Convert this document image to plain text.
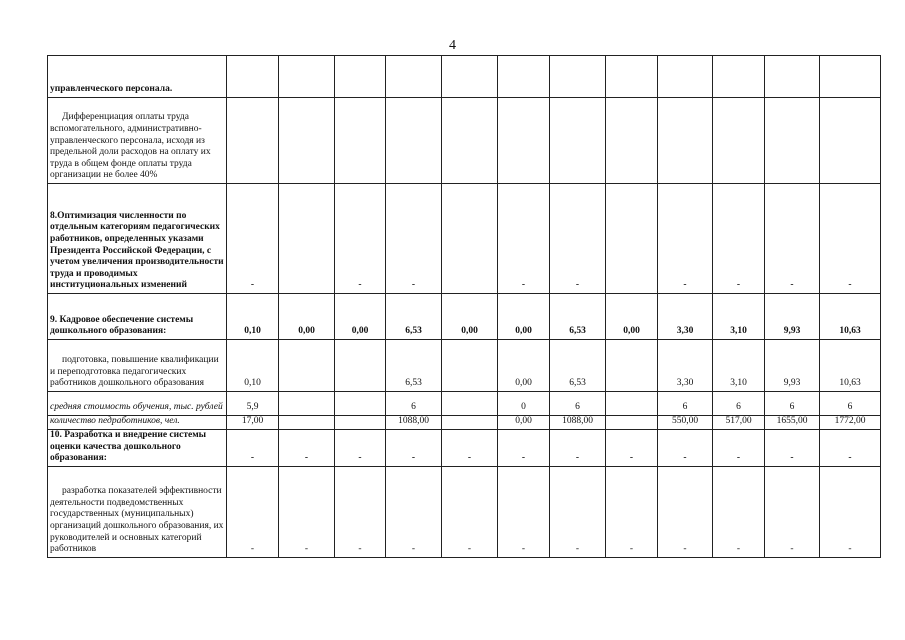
4
управленческого персонала.												
Дифференциация оплаты труда вспомогательного, административно-управленческого персонала, исходя из предельной доли расходов на оплату их труда в общем фонде оплаты труда организации не более 40%												
8.Оптимизация численности по отдельным категориям педагогических работников, определенных указами Президента Российской Федерации, с учетом увеличения производительности труда и проводимых институциональных изменений	-		-	-		-	-		-	-	-	-
9. Кадровое обеспечение системы дошкольного образования:	0,10	0,00	0,00	6,53	0,00	0,00	6,53	0,00	3,30	3,10	9,93	10,63
подготовка, повышение квалификации и переподготовка педагогических работников дошкольного образования	0,10			6,53		0,00	6,53		3,30	3,10	9,93	10,63
средняя стоимость обучения, тыс. рублей	5,9			6		0	6		6	6	6	6
количество педработников, чел.	17,00			1088,00		0,00	1088,00		550,00	517,00	1655,00	1772,00
10. Разработка и внедрение системы оценки качества дошкольного образования:	-	-	-	-	-	-	-	-	-	-	-	-
разработка показателей эффективности деятельности подведомственных государственных (муниципальных) организаций дошкольного образования, их руководителей и основных категорий работников	-	-	-	-	-	-	-	-	-	-	-	-
